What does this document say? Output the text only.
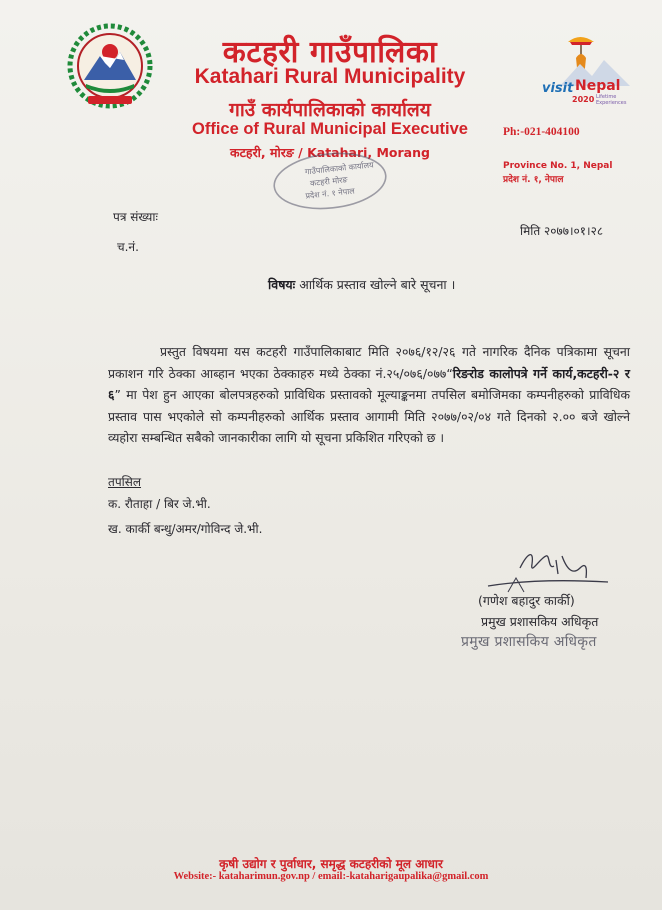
कटहरी गाउँपालिका
Katahari Rural Municipality
गाउँ कार्यपालिकाको कार्यालय
Office of Rural Municipal Executive
कटहरी, मोरङ / Katahari, Morang
visit Nepal
2020 Lifetime
Experiences
Ph:-021-404100
Province No. 1, Nepal
प्रदेश नं. १, नेपाल
गाउँपालिकाको कार्यालय
कटहरी मोरङ
प्रदेश नं. १ नेपाल
पत्र संख्याः
च.नं.
मिति २०७७।०१।२८
विषयः आर्थिक प्रस्ताव खोल्ने बारे सूचना ।

प्रस्तुत विषयमा यस कटहरी गाउँपालिकाबाट मिति २०७६/१२/२६ गते नागरिक दैनिक पत्रिकामा सूचना प्रकाशन गरि ठेक्का आब्हान भएका ठेक्काहरु मध्ये ठेक्का नं.२५/०७६/०७७“रिङरोड कालोपत्रे गर्ने कार्य,कटहरी-२ र ६” मा पेश हुन आएका बोलपत्रहरुको प्राविधिक प्रस्तावको मूल्याङ्कनमा तपसिल बमोजिमका कम्पनीहरुको प्राविधिक प्रस्ताव पास भएकोले सो कम्पनीहरुको आर्थिक प्रस्ताव आगामी मिति २०७७/०२/०४ गते दिनको २.०० बजे खोल्ने व्यहोरा सम्बन्धित सबैको जानकारीका लागि यो सूचना प्रकिशित गरिएको छ ।

तपसिल
क. रौताहा / बिर जे.भी.
ख. कार्की बन्धु/अमर/गोविन्द जे.भी.
(गणेश बहादुर कार्की)
प्रमुख प्रशासकिय अधिकृत
प्रमुख प्रशासकिय अधिकृत
कृषी उद्योग र पुर्वाधार, समृद्ध कटहरीको मूल आधार
Website:- katah​arimun.gov.np / email:-katah​arigaupalika@gmail.com
